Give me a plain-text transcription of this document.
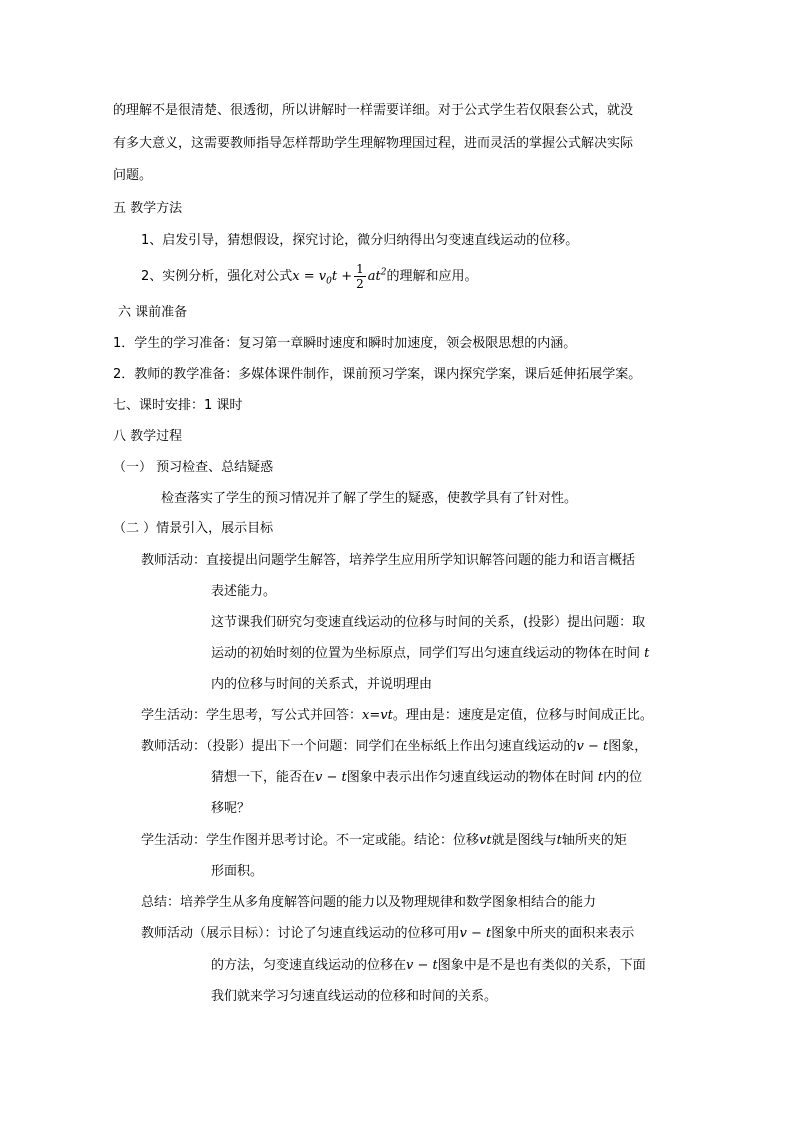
的理解不是很清楚、很透彻，所以讲解时一样需要详细。对于公式学生若仅限套公式，就没
有多大意义，这需要教师指导怎样帮助学生理解物理国过程，进而灵活的掌握公式解决实际
问题。
五 教学方法
1、启发引导，猜想假设，探究讨论，微分归纳得出匀变速直线运动的位移。
2、实例分析，强化对公式$x = v_0t + \frac{1}{2} at^2$的理解和应用。
六 课前准备
1．学生的学习准备：复习第一章瞬时速度和瞬时加速度，领会极限思想的内涵。
2．教师的教学准备：多媒体课件制作，课前预习学案，课内探究学案，课后延伸拓展学案。
七、课时安排：1 课时
八 教学过程
（一） 预习检查、总结疑惑
检查落实了学生的预习情况并了解了学生的疑惑，使教学具有了针对性。
（二 ）情景引入，展示目标
教师活动：直接提出问题学生解答，培养学生应用所学知识解答问题的能力和语言概括
表述能力。
这节课我们研究匀变速直线运动的位移与时间的关系，(投影）提出问题：取
运动的初始时刻的位置为坐标原点，同学们写出匀速直线运动的物体在时间 t
内的位移与时间的关系式，并说明理由
学生活动：学生思考，写公式并回答：x=vt。理由是：速度是定值，位移与时间成正比。
教师活动：（投影）提出下一个问题：同学们在坐标纸上作出匀速直线运动的v − t图象，
猜想一下，能否在v − t图象中表示出作匀速直线运动的物体在时间 t内的位
移呢？
学生活动：学生作图并思考讨论。不一定或能。结论：位移vt就是图线与t轴所夹的矩
形面积。
总结：培养学生从多角度解答问题的能力以及物理规律和数学图象相结合的能力
教师活动（展示目标）：讨论了匀速直线运动的位移可用v − t图象中所夹的面积来表示
的方法，匀变速直线运动的位移在v − t图象中是不是也有类似的关系，下面
我们就来学习匀速直线运动的位移和时间的关系。
